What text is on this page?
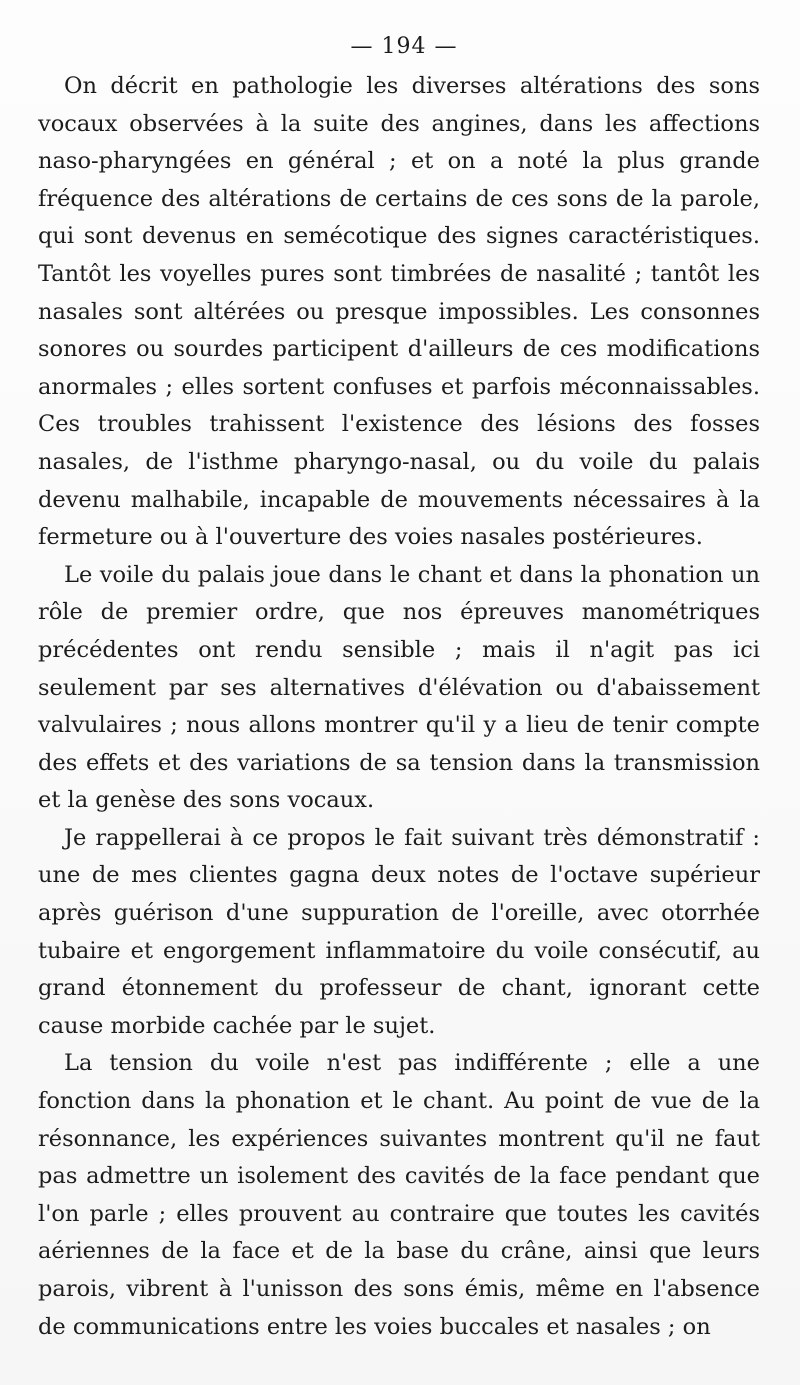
— 194 —

On décrit en pathologie les diverses altérations des sons vocaux observées à la suite des angines, dans les affections naso-pharyngées en général ; et on a noté la plus grande fréquence des altérations de certains de ces sons de la parole, qui sont devenus en semécotique des signes caractéristiques. Tantôt les voyelles pures sont timbrées de nasalité ; tantôt les nasales sont altérées ou presque impossibles. Les consonnes sonores ou sourdes participent d'ailleurs de ces modifications anormales ; elles sortent confuses et parfois méconnaissables. Ces troubles trahissent l'existence des lésions des fosses nasales, de l'isthme pharyngo-nasal, ou du voile du palais devenu malhabile, incapable de mouvements nécessaires à la fermeture ou à l'ouverture des voies nasales postérieures.

Le voile du palais joue dans le chant et dans la phonation un rôle de premier ordre, que nos épreuves manométriques précédentes ont rendu sensible ; mais il n'agit pas ici seulement par ses alternatives d'élévation ou d'abaissement valvulaires ; nous allons montrer qu'il y a lieu de tenir compte des effets et des variations de sa tension dans la transmission et la genèse des sons vocaux.

Je rappellerai à ce propos le fait suivant très démonstratif : une de mes clientes gagna deux notes de l'octave supérieur après guérison d'une suppuration de l'oreille, avec otorrhée tubaire et engorgement inflammatoire du voile consécutif, au grand étonnement du professeur de chant, ignorant cette cause morbide cachée par le sujet.

La tension du voile n'est pas indifférente ; elle a une fonction dans la phonation et le chant. Au point de vue de la résonnance, les expériences suivantes montrent qu'il ne faut pas admettre un isolement des cavités de la face pendant que l'on parle ; elles prouvent au contraire que toutes les cavités aériennes de la face et de la base du crâne, ainsi que leurs parois, vibrent à l'unisson des sons émis, même en l'absence de communications entre les voies buccales et nasales ; on
